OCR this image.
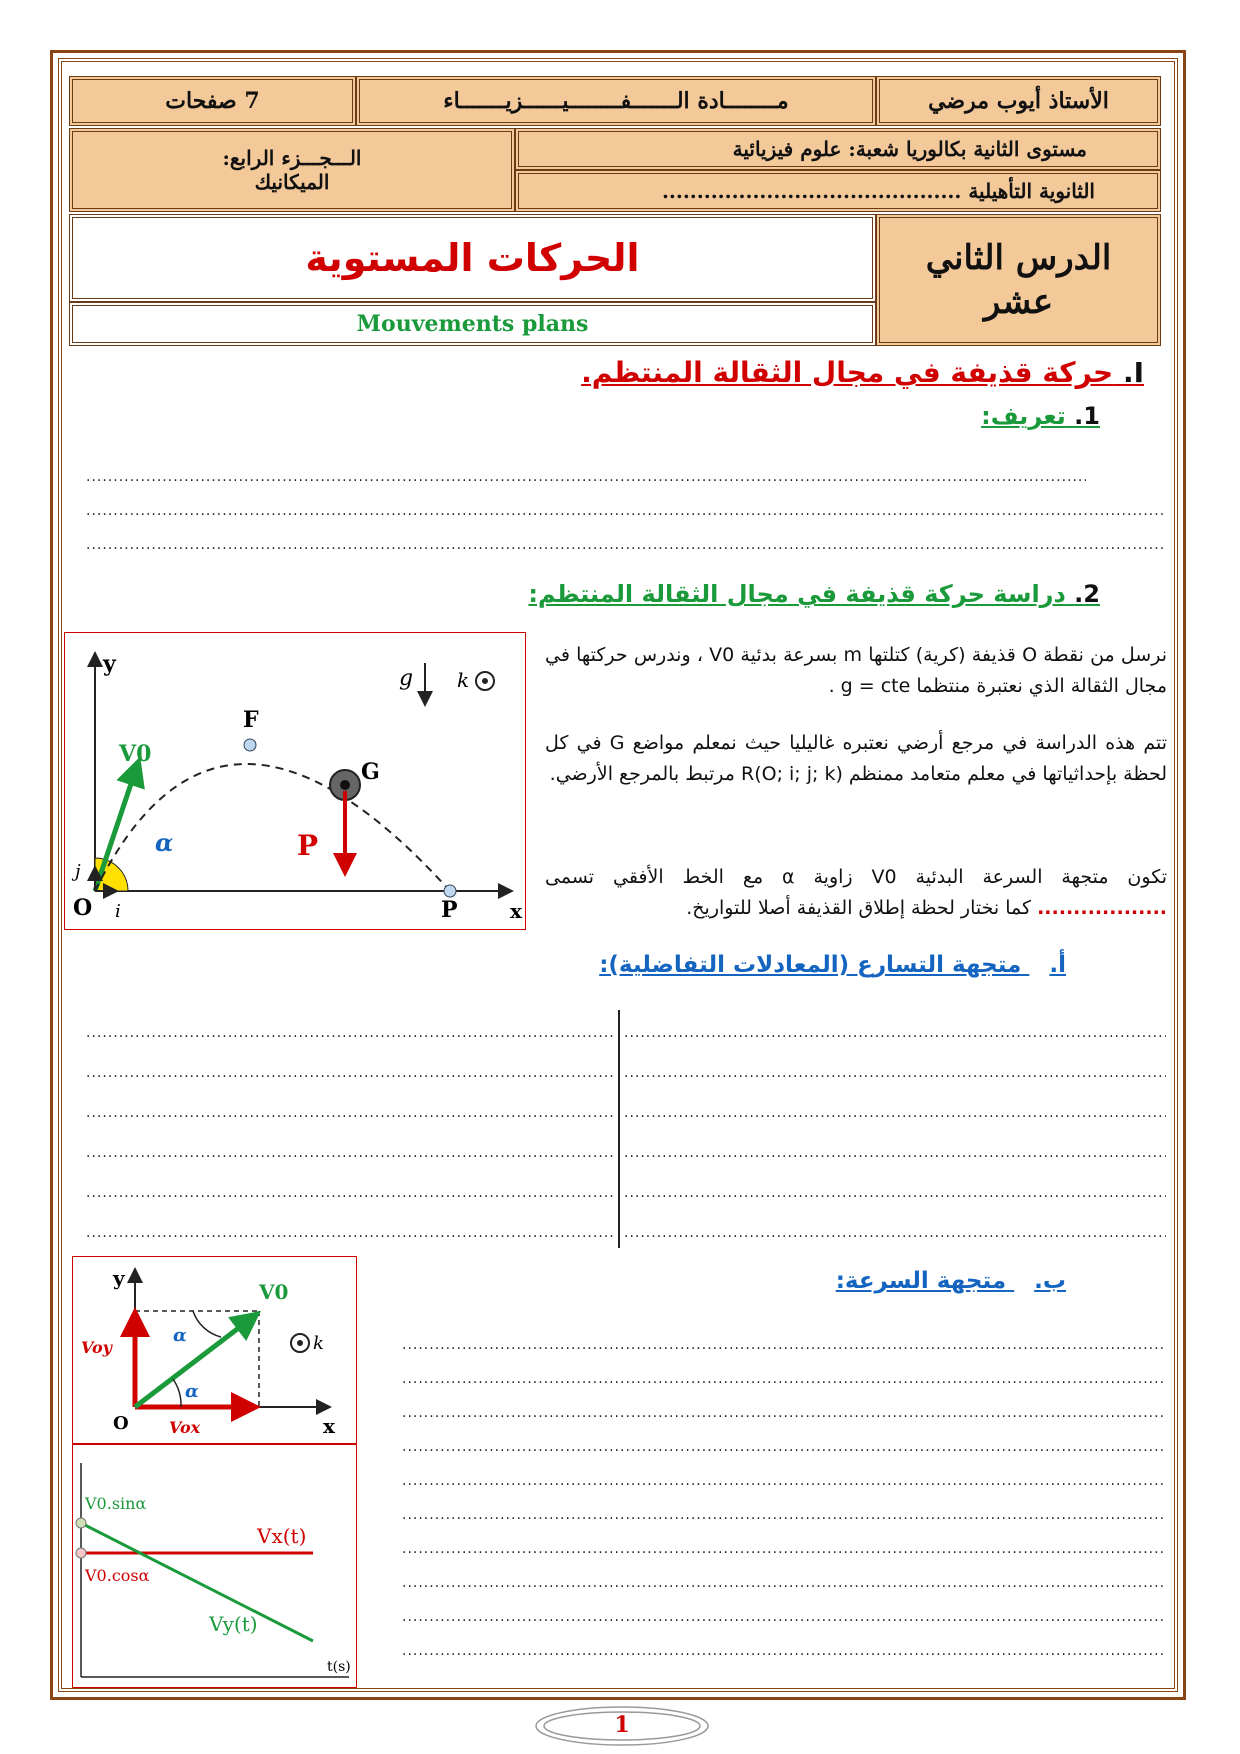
الأستاذ أيوب مرضي
مــــــــادة الـــــــفــــــــيــــــزيـــــــاء
7 صفحات
مستوى الثانية بكالوريا شعبة: علوم فيزيائية
الثانوية التأهيلية ...........................................
الـــجـــزء الرابع:
الميكانيك
الدرس الثاني
عشر
الحركات المستوية
Mouvements plans
I. حركة قذيفة في مجال الثقالة المنتظم.
1. تعريف:
.....
.....
.....
2. دراسة حركة قذيفة في مجال الثقالة المنتظم:
y
x
O i
j
V0
α
F
G
P
P
g k
نرسل من نقطة O قذيفة (كرية) كتلتها m بسرعة بدئية V0 ، وندرس حركتها في مجال الثقالة الذي نعتبرة منتظما g = cte .
تتم هذه الدراسة في مرجع أرضي نعتبره غاليليا حيث نمعلم مواضع G في كل لحظة بإحداثياتها في معلم متعامد ممنظم R(O; i; j; k) مرتبط بالمرجع الأرضي.
تكون متجهة السرعة البدئية V0 زاوية α مع الخط الأفقي تسمى .................. كما نختار لحظة إطلاق القذيفة أصلا للتواريخ.
أ. متجهة التسارع (المعادلات التفاضلية):
.....
.....
.....
.....
.....
.....
.....
.....
.....
.....
.....
.....
y
x
O
V0
Voy
Vox
α
α	k
V0.sinα
V0.cosα
Vx(t)
Vy(t)
t(s)
ب. متجهة السرعة:
.....
.....
.....
.....
.....
.....
.....
.....
.....
.....
1
